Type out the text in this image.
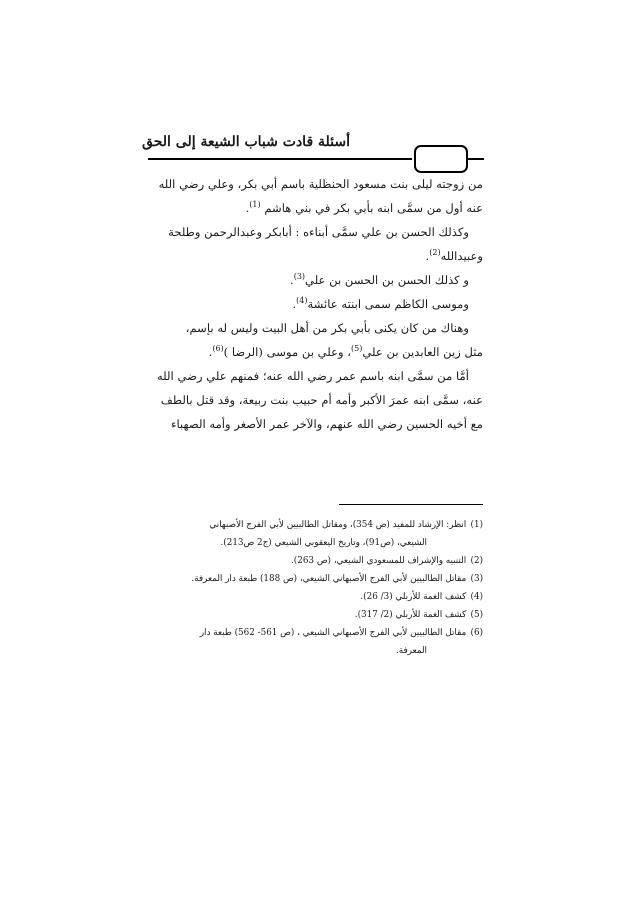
أسئلة قادت شباب الشيعة إلى الحق
من زوجته ليلى بنت مسعود الحنظلية باسم أبي بكر، وعلي رضي الله
عنه أول من سمَّى ابنه بأبي بكر في بني هاشم $^{(1)}$.
وكذلك الحسن بن علي سمَّى أبناءه : أبابكر وعبدالرحمن وطلحة
وعبيدالله$^{(2)}$.
و كذلك الحسن بن الحسن بن علي$^{(3)}$.
وموسى الكاظم سمى ابنته عائشة$^{(4)}$.
وهناك من كان يكنى بأبي بكر من أهل البيت وليس له بإسم،
مثل زين العابدين بن علي$^{(5)}$، وعلي بن موسى (الرضا )$^{(6)}$.
أمَّا من سمَّى ابنه باسم عمر رضي الله عنه؛ فمنهم علي رضي الله
عنه، سمَّى ابنه عمرَ الأكبر وأمه أم حبيب بنت ربيعة، وقد قتل بالطف
مع أخيه الحسين رضي الله عنهم، والآخر عمر الأصغر وأمه الصهباء
(1) انظر: الإرشاد للمفيد (ص 354)، ومقاتل الطالبيين لأبي الفرج الأصبهاني
الشيعي، (ص91)، وتاريخ اليعقوبي الشيعي (ج2 ص213).
(2) التنبيه والإشراف للمسعودي الشيعي، (ص 263).
(3) مقاتل الطالبيين لأبي الفرج الأصبهاني الشيعي، (ص 188) طبعة دار المعرفة.
(4) كشف الغمة للأربلي (3/ 26).
(5) كشف الغمة للأربلي (2/ 317).
(6) مقاتل الطالبيين لأبي الفرج الأصبهاني الشيعي ، (ص 561- 562) طبعة دار
المعرفة.
